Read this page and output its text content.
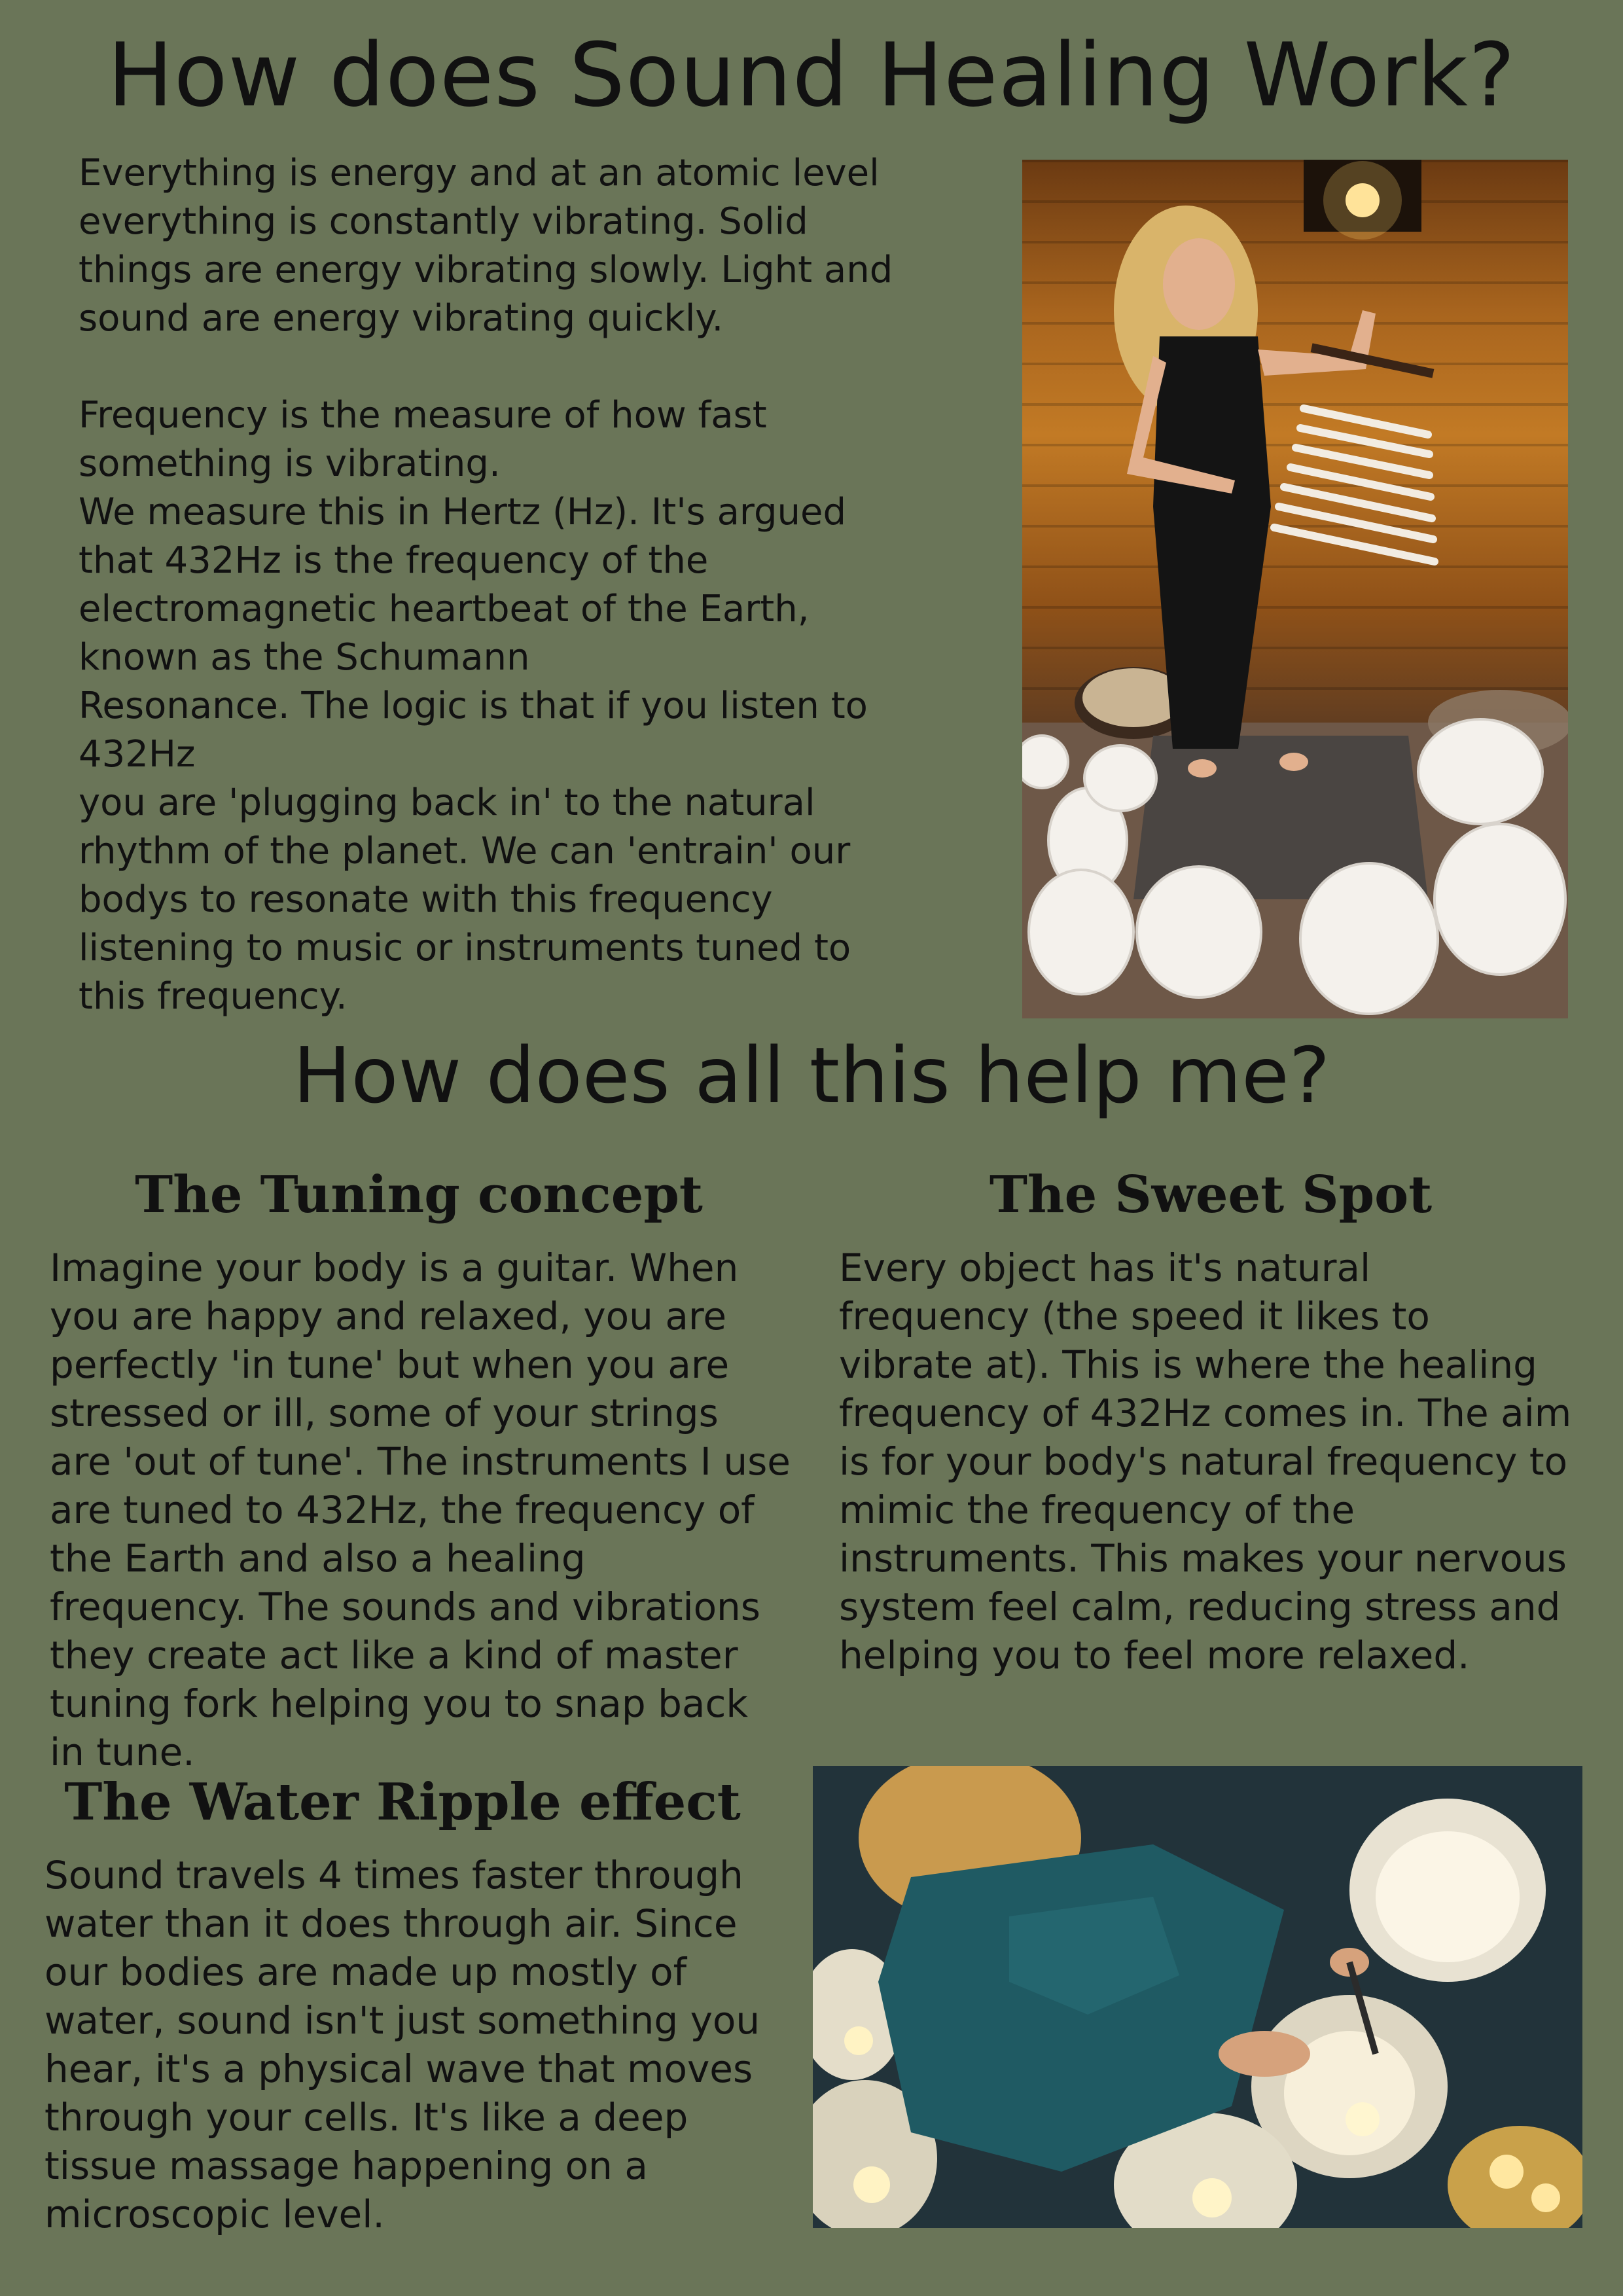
How does Sound Healing Work?

Everything is energy and at an atomic level
everything is constantly vibrating. Solid
things are energy vibrating slowly. Light and
sound are energy vibrating quickly.

Frequency is the measure of how fast
something is vibrating.
We measure this in Hertz (Hz). It's argued
that 432Hz is the frequency of the
electromagnetic heartbeat of the Earth,
known as the Schumann
Resonance. The logic is that if you listen to
432Hz
you are 'plugging back in' to the natural
rhythm of the planet. We can 'entrain' our
bodys to resonate with this frequency
listening to music or instruments tuned to
this frequency.

How does all this help me?
The Tuning concept

Imagine your body is a guitar. When
you are happy and relaxed, you are
perfectly 'in tune' but when you are
stressed or ill, some of your strings
are 'out of tune'. The instruments I use
are tuned to 432Hz, the frequency of
the Earth and also a healing
frequency. The sounds and vibrations
they create act like a kind of master
tuning fork helping you to snap back
in tune.

The Sweet Spot

Every object has it's natural
frequency (the speed it likes to
vibrate at). This is where the healing
frequency of 432Hz comes in. The aim
is for your body's natural frequency to
mimic the frequency of the
instruments. This makes your nervous
system feel calm, reducing stress and
helping you to feel more relaxed.

The Water Ripple effect

Sound travels 4 times faster through
water than it does through air. Since
our bodies are made up mostly of
water, sound isn't just something you
hear, it's a physical wave that moves
through your cells. It's like a deep
tissue massage happening on a
microscopic level.
